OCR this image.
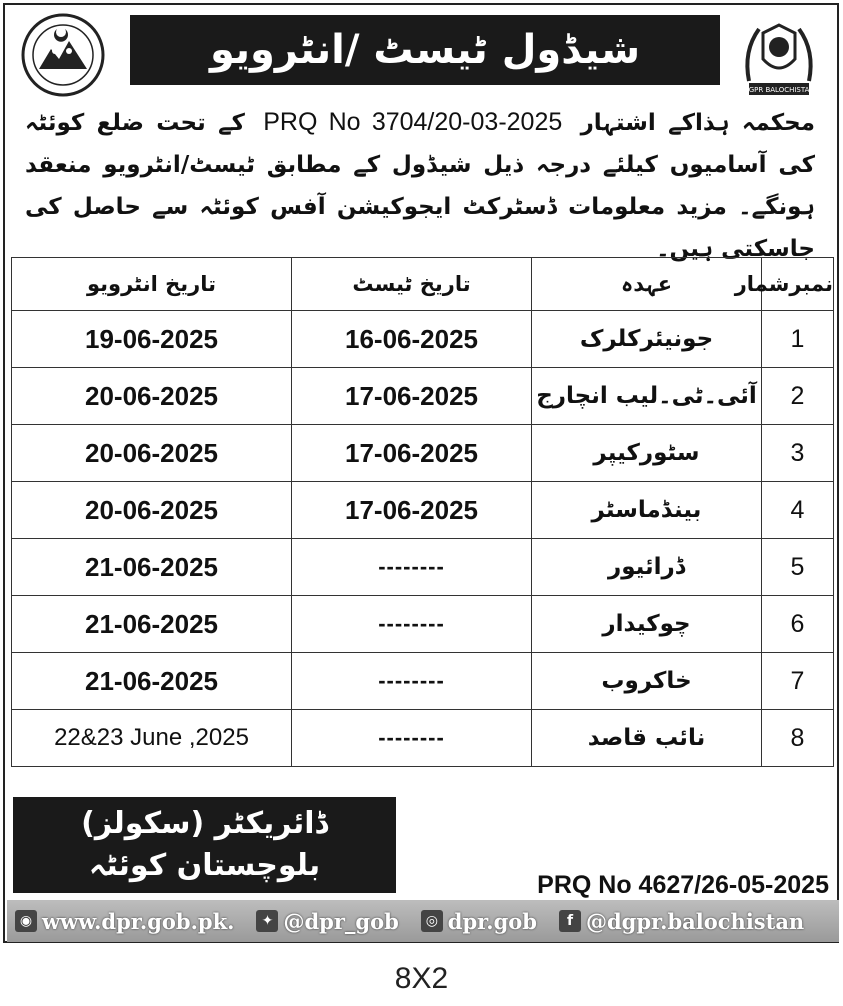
شیڈول ٹیسٹ /انٹرویو
DGPR BALOCHISTAN
محکمہ ہذاکے اشتہار PRQ No 3704/20-03-2025 کے تحت ضلع کوئٹہ کی آسامیوں کیلئے درجہ ذیل شیڈول کے مطابق ٹیسٹ/انٹرویو منعقد ہونگے۔ مزید معلومات ڈسٹرکٹ ایجوکیشن آفس کوئٹہ سے حاصل کی جاسکتی ہیں۔
نمبرشمار	عہدہ	تاریخ ٹیسٹ	تاریخ انٹرویو
1	جونیئرکلرک	16-06-2025	19-06-2025
2	آئی۔ٹی۔لیب انچارج	17-06-2025	20-06-2025
3	سٹورکیپر	17-06-2025	20-06-2025
4	بینڈماسٹر	17-06-2025	20-06-2025
5	ڈرائیور	--------	21-06-2025
6	چوکیدار	--------	21-06-2025
7	خاکروب	--------	21-06-2025
8	نائب قاصد	--------	22&23 June ,2025
ڈائریکٹر (سکولز)
بلوچستان کوئٹہ
PRQ No 4627/26-05-2025
◉ www.dpr.gob.pk.	✦ @dpr_gob	◎ dpr.gob	f @dgpr.balochistan
8X2
